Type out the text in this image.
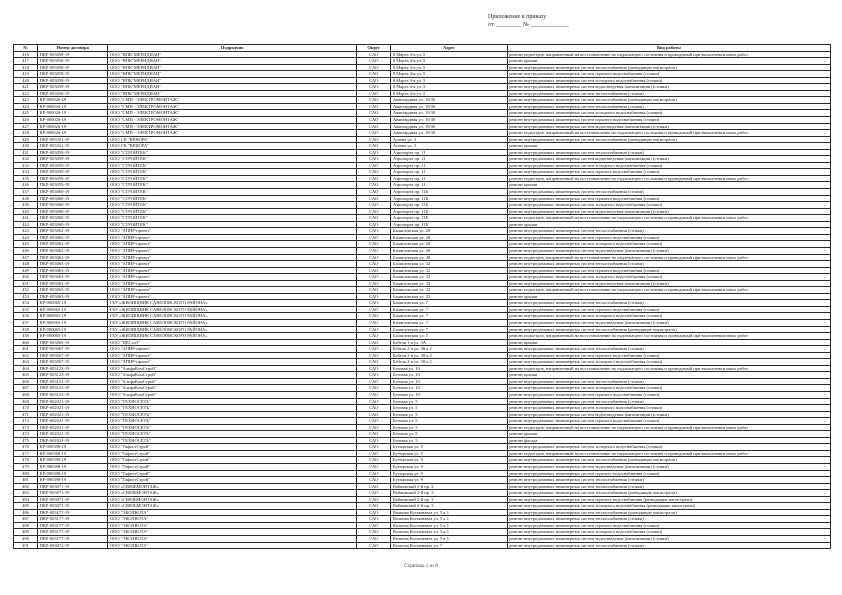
Приложение к приказу
от ________ № ____________
№	Номер договора	Подрядчик	Округ	Адрес	Вид работы
416	ПКР-003058-19	ООО "НПК"МЕРИДИАН"	САО	8 Марта 4-я ул. 5	ремонт подъездов, направленный на восстановление их надлежащего состояния и проводимый при выполнении иных работ
417	ПКР-003058-19	ООО "НПК"МЕРИДИАН"	САО	8 Марта 4-я ул. 5	ремонт крыши
418	ПКР-003058-19	ООО "НПК"МЕРИДИАН"	САО	8 Марта 4-я ул. 5	ремонт внутридомовых инженерных систем теплоснабжения (разводящие магистрали)
419	ПКР-003058-19	ООО "НПК"МЕРИДИАН"	САО	8 Марта 4-я ул. 5	ремонт внутридомовых инженерных систем горячего водоснабжения (стояки)
420	ПКР-003058-19	ООО "НПК"МЕРИДИАН"	САО	8 Марта 4-я ул. 5	ремонт внутридомовых инженерных систем холодного водоснабжения (стояки)
421	ПКР-003058-19	ООО "НПК"МЕРИДИАН"	САО	8 Марта 4-я ул. 5	ремонт внутридомовых инженерных систем водоотведения (канализации) (стояки)
422	ПКР-003058-19	ООО "НПК"МЕРИДИАН"	САО	8 Марта 4-я ул. 5	ремонт внутридомовых инженерных систем теплоснабжения (стояки)
423	КР-000026-19	ООО "СМП - ЭЛЕКТРОМОНТАЖ"	САО	Авангардная ул. 19/30	ремонт внутридомовых инженерных систем теплоснабжения (разводящие магистрали)
424	КР-000026-19	ООО "СМП - ЭЛЕКТРОМОНТАЖ"	САО	Авангардная ул. 19/30	ремонт внутридомовых инженерных систем теплоснабжения (стояки)
425	КР-000026-19	ООО "СМП - ЭЛЕКТРОМОНТАЖ"	САО	Авангардная ул. 19/30	ремонт внутридомовых инженерных систем холодного водоснабжения (стояки)
426	КР-000026-19	ООО "СМП - ЭЛЕКТРОМОНТАЖ"	САО	Авангардная ул. 19/30	ремонт внутридомовых инженерных систем горячего водоснабжения (стояки)
427	КР-000026-19	ООО "СМП - ЭЛЕКТРОМОНТАЖ"	САО	Авангардная ул. 19/30	ремонт внутридомовых инженерных систем водоотведения (канализации) (стояки)
428	КР-000026-19	ООО "СМП - ЭЛЕКТРОМОНТАЖ"	САО	Авангардная ул. 19/30	ремонт подъездов, направленный на восстановление их надлежащего состояния и проводимый при выполнении иных работ
429	ПКР-003321-19	ООО СК "ВЕНОРА"	САО	Асеева ул. 3	ремонт внутридомовых инженерных систем теплоснабжения (разводящие магистрали)
430	ПКР-003321-19	ООО СК "ВЕНОРА"	САО	Асеева ул. 3	ремонт крыши
431	ПКР-003059-19	ООО "СТРОЙТЕК"	САО	Аэропорта пр. 11	ремонт внутридомовых инженерных систем теплоснабжения (стояки)
432	ПКР-003059-19	ООО "СТРОЙТЕК"	САО	Аэропорта пр. 11	ремонт внутридомовых инженерных систем водоотведения (канализации) (стояки)
433	ПКР-003059-19	ООО "СТРОЙТЕК"	САО	Аэропорта пр. 11	ремонт внутридомовых инженерных систем холодного водоснабжения (стояки)
434	ПКР-003059-19	ООО "СТРОЙТЕК"	САО	Аэропорта пр. 11	ремонт внутридомовых инженерных систем горячего водоснабжения (стояки)
435	ПКР-003059-19	ООО "СТРОЙТЕК"	САО	Аэропорта пр. 11	ремонт подъездов, направленный на восстановление их надлежащего состояния и проводимый при выполнении иных работ
436	ПКР-003059-19	ООО "СТРОЙТЕК"	САО	Аэропорта пр. 11	ремонт крыши
437	ПКР-003060-19	ООО "СТРОЙТЕК"	САО	Аэропорта пр. 11Б	ремонт внутридомовых инженерных систем теплоснабжения (стояки)
438	ПКР-003060-19	ООО "СТРОЙТЕК"	САО	Аэропорта пр. 11Б	ремонт внутридомовых инженерных систем горячего водоснабжения (стояки)
439	ПКР-003060-19	ООО "СТРОЙТЕК"	САО	Аэропорта пр. 11Б	ремонт внутридомовых инженерных систем холодного водоснабжения (стояки)
440	ПКР-003060-19	ООО "СТРОЙТЕК"	САО	Аэропорта пр. 11Б	ремонт внутридомовых инженерных систем водоотведения (канализации) (стояки)
441	ПКР-003060-19	ООО "СТРОЙТЕК"	САО	Аэропорта пр. 11Б	ремонт подъездов, направленный на восстановление их надлежащего состояния и проводимый при выполнении иных работ
442	ПКР-003060-19	ООО "СТРОЙТЕК"	САО	Аэропорта пр. 11Б	ремонт крыши
443	ПКР-003062-19	ООО "АПНР-проект"	САО	Башиловская ул. 28	ремонт внутридомовых инженерных систем теплоснабжения (стояки)
444	ПКР-003062-19	ООО "АПНР-проект"	САО	Башиловская ул. 28	ремонт внутридомовых инженерных систем горячего водоснабжения (стояки)
445	ПКР-003062-19	ООО "АПНР-проект"	САО	Башиловская ул. 28	ремонт внутридомовых инженерных систем холодного водоснабжения (стояки)
446	ПКР-003062-19	ООО "АПНР-проект"	САО	Башиловская ул. 28	ремонт внутридомовых инженерных систем водоотведения (канализации) (стояки)
447	ПКР-003062-19	ООО "АПНР-проект"	САО	Башиловская ул. 28	ремонт подъездов, направленный на восстановление их надлежащего состояния и проводимый при выполнении иных работ
448	ПКР-003063-19	ООО "АПНР-проект"	САО	Башиловская ул. 32	ремонт внутридомовых инженерных систем теплоснабжения (стояки)
449	ПКР-003063-19	ООО "АПНР-проект"	САО	Башиловская ул. 32	ремонт внутридомовых инженерных систем горячего водоснабжения (стояки)
450	ПКР-003063-19	ООО "АПНР-проект"	САО	Башиловская ул. 32	ремонт внутридомовых инженерных систем холодного водоснабжения (стояки)
451	ПКР-003063-19	ООО "АПНР-проект"	САО	Башиловская ул. 32	ремонт внутридомовых инженерных систем водоотведения (канализации) (стояки)
452	ПКР-003063-19	ООО "АПНР-проект"	САО	Башиловская ул. 32	ремонт подъездов, направленный на восстановление их надлежащего состояния и проводимый при выполнении иных работ
453	ПКР-003063-19	ООО "АПНР-проект"	САО	Башиловская ул. 32	ремонт крыши
454	КР-000065-19	ГБУ «ЖИЛИЩНИК САВЕЛОВСКОГО РАЙОНА»	САО	Башиловская ул. 7	ремонт внутридомовых инженерных систем теплоснабжения (стояки)
455	КР-000065-19	ГБУ «ЖИЛИЩНИК САВЕЛОВСКОГО РАЙОНА»	САО	Башиловская ул. 7	ремонт внутридомовых инженерных систем горячего водоснабжения (стояки)
456	КР-000065-19	ГБУ «ЖИЛИЩНИК САВЕЛОВСКОГО РАЙОНА»	САО	Башиловская ул. 7	ремонт внутридомовых инженерных систем холодного водоснабжения (стояки)
457	КР-000065-19	ГБУ «ЖИЛИЩНИК САВЕЛОВСКОГО РАЙОНА»	САО	Башиловская ул. 7	ремонт внутридомовых инженерных систем водоотведения (канализации) (стояки)
458	КР-000065-19	ГБУ «ЖИЛИЩНИК САВЕЛОВСКОГО РАЙОНА»	САО	Башиловская ул. 7	ремонт внутридомовых инженерных систем теплоснабжения (разводящие магистрали)
459	КР-000065-19	ГБУ «ЖИЛИЩНИК САВЕЛОВСКОГО РАЙОНА»	САО	Башиловская ул. 7	ремонт подъездов, направленный на восстановление их надлежащего состояния и проводимый при выполнении иных работ
460	ПКР-003065-19	ООО "ЦЕСэлТ"	САО	Бебеля 1-я ул. 3А	ремонт крыши
461	ПКР-003067-19	ООО "АПНР-проект"	САО	Бебеля 2-я ул. 38 к.2	ремонт внутридомовых инженерных систем теплоснабжения (стояки)
462	ПКР-003067-19	ООО "АПНР-проект"	САО	Бебеля 2-я ул. 38 к.2	ремонт внутридомовых инженерных систем горячего водоснабжения (стояки)
463	ПКР-003067-19	ООО "АПНР-проект"	САО	Бебеля 2-я ул. 38 к.2	ремонт внутридомовых инженерных систем холодного водоснабжения (стояки)
464	ПКР-003123-19	ООО "АльфаКомСтрой"	САО	Беговая ул. 10	ремонт подъездов, направленный на восстановление их надлежащего состояния и проводимый при выполнении иных работ
465	ПКР-003123-19	ООО "АльфаКомСтрой"	САО	Беговая ул. 10	ремонт крыши
466	ПКР-003123-19	ООО "АльфаКомСтрой"	САО	Беговая ул. 10	ремонт внутридомовых инженерных систем теплоснабжения (стояки)
467	ПКР-003123-19	ООО "АльфаКомСтрой"	САО	Беговая ул. 10	ремонт внутридомовых инженерных систем холодного водоснабжения (стояки)
468	ПКР-003123-19	ООО "АльфаКомСтрой"	САО	Беговая ул. 10	ремонт внутридомовых инженерных систем горячего водоснабжения (стояки)
469	ПКР-002021-19	ООО "ТЕХНОСЕТЬ"	САО	Беговая ул. 5	ремонт внутридомовых инженерных систем теплоснабжения (стояки)
470	ПКР-002021-19	ООО "ТЕХНОСЕТЬ"	САО	Беговая ул. 5	ремонт внутридомовых инженерных систем холодного водоснабжения (стояки)
471	ПКР-002021-19	ООО "ТЕХНОСЕТЬ"	САО	Беговая ул. 5	ремонт внутридомовых инженерных систем водоотведения (канализации) (стояки)
472	ПКР-002021-19	ООО "ТЕХНОСЕТЬ"	САО	Беговая ул. 5	ремонт внутридомовых инженерных систем горячего водоснабжения (стояки)
473	ПКР-002021-19	ООО "ТЕХНОСЕТЬ"	САО	Беговая ул. 5	ремонт подъездов, направленный на восстановление их надлежащего состояния и проводимый при выполнении иных работ
474	ПКР-002021-19	ООО "ТЕХНОСЕТЬ"	САО	Беговая ул. 5	ремонт крыши
475	ПКР-002021-19	ООО "ТЕХНОСЕТЬ"	САО	Беговая ул. 5	ремонт фасада
476	КР-000398-19	ООО "ТафистСтрой"	САО	Бутырская ул. 9	ремонт внутридомовых инженерных систем холодного водоснабжения (стояки)
477	КР-000398-19	ООО "ТафистСтрой"	САО	Бутырская ул. 9	ремонт подъездов, направленный на восстановление их надлежащего состояния и проводимый при выполнении иных работ
478	КР-000398-19	ООО "ТафистСтрой"	САО	Бутырская ул. 9	ремонт внутридомовых инженерных систем теплоснабжения (разводящие магистрали)
479	КР-000398-19	ООО "ТафистСтрой"	САО	Бутырская ул. 9	ремонт внутридомовых инженерных систем водоотведения (канализации) (стояки)
480	КР-000398-19	ООО "ТафистСтрой"	САО	Бутырская ул. 9	ремонт внутридомовых инженерных систем горячего водоснабжения (стояки)
481	КР-000398-19	ООО "ТафистСтрой"	САО	Бутырская ул. 9	ремонт внутридомовых инженерных систем теплоснабжения (стояки)
482	ПКР-003071-19	ООО «СВЯЗЬМОНТАЖ»	САО	Войковский 2-й пр. 3	ремонт внутридомовых инженерных систем теплоснабжения (стояки)
483	ПКР-003071-19	ООО «СВЯЗЬМОНТАЖ»	САО	Войковский 2-й пр. 3	ремонт внутридомовых инженерных систем теплоснабжения (разводящие магистрали)
484	ПКР-003071-19	ООО «СВЯЗЬМОНТАЖ»	САО	Войковский 2-й пр. 3	ремонт внутридомовых инженерных систем горячего водоснабжения (разводящие магистрали)
485	ПКР-003071-19	ООО «СВЯЗЬМОНТАЖ»	САО	Войковский 2-й пр. 3	ремонт внутридомовых инженерных систем холодного водоснабжения (разводящие магистрали)
486	ПКР-003177-19	ООО "ЭКОЛВОТА"	САО	Волкова Космонавта ул. 5 к.1	ремонт внутридомовых инженерных систем теплоснабжения (разводящие магистрали)
487	ПКР-003177-19	ООО "ЭКОЛВОТА"	САО	Волкова Космонавта ул. 5 к.1	ремонт внутридомовых инженерных систем теплоснабжения (стояки)
488	ПКР-003177-19	ООО "ЭКОЛВОТА"	САО	Волкова Космонавта ул. 5 к.1	ремонт внутридомовых инженерных систем горячего водоснабжения (стояки)
489	ПКР-003177-19	ООО "ЭКОЛВОТА"	САО	Волкова Космонавта ул. 5 к.1	ремонт внутридомовых инженерных систем холодного водоснабжения (стояки)
490	ПКР-003177-19	ООО "ЭКОЛВОТА"	САО	Волкова Космонавта ул. 5 к.1	ремонт внутридомовых инженерных систем водоотведения (канализации) (стояки)
491	ПКР-003072-19	ООО "ЭКОЛВОТА"	САО	Волкова Космонавта ул. 7	ремонт внутридомовых инженерных систем теплоснабжения (стояки)
Страница 1 из 8
